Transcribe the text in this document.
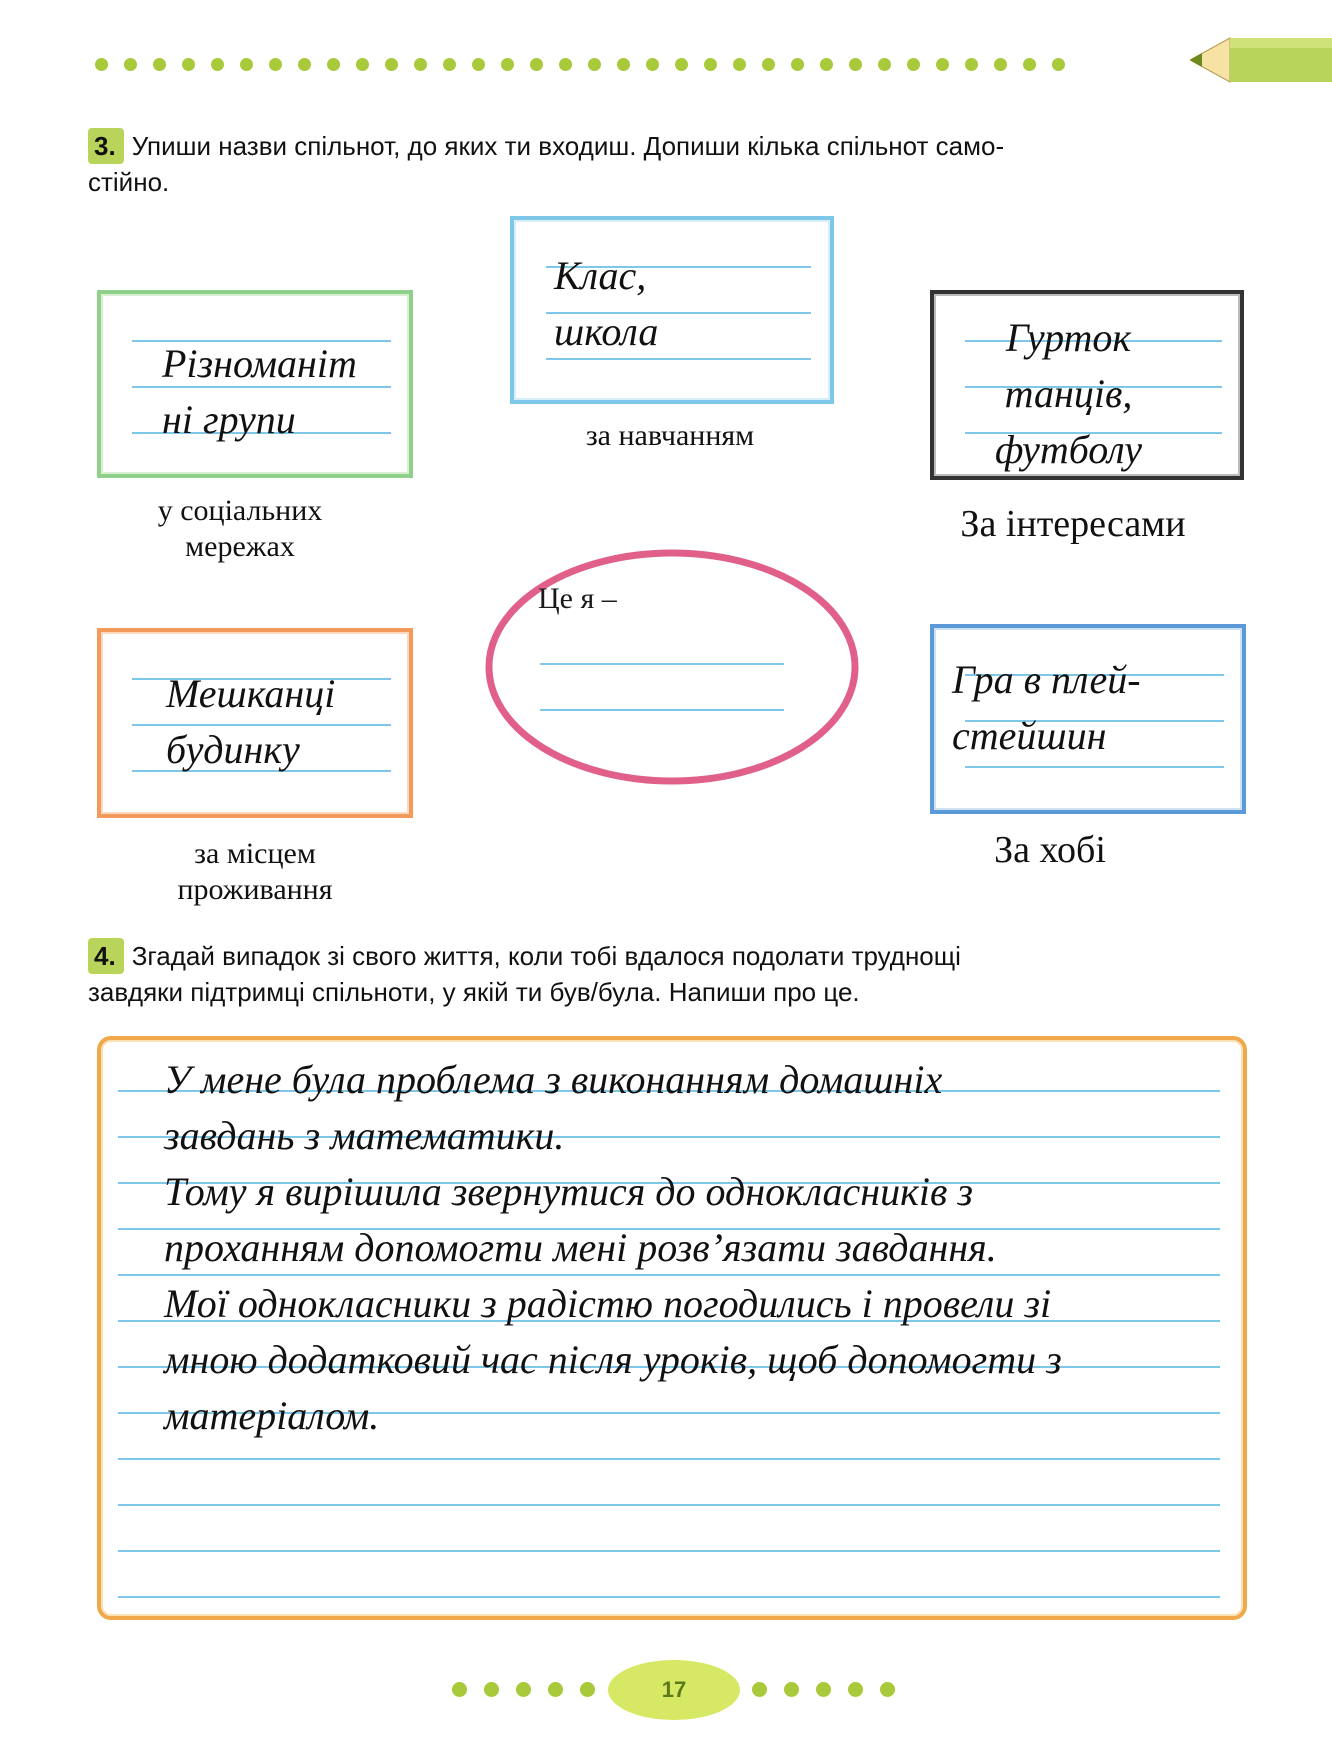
3. Упиши назви спільнот, до яких ти входиш. Допиши кілька спільнот само-
стійно.
Різноманіт
ні групи
у соціальних
мережах
Клас,
школа
за навчанням
Гурток
танців,
футболу
За інтересами
Це я –
Мешканці
будинку
за місцем
проживання
Гра в плей-
стейшин
За хобі
4. Згадай випадок зі свого життя, коли тобі вдалося подолати труднощі
завдяки підтримці спільноти, у якій ти був/була. Напиши про це.
У мене була проблема з виконанням домашніх
завдань з математики.
Тому я вирішила звернутися до однокласників з
проханням допомогти мені розв’язати завдання.
Мої однокласники з радістю погодились і провели зі
мною додатковий час після уроків, щоб допомогти з
матеріалом.
17
